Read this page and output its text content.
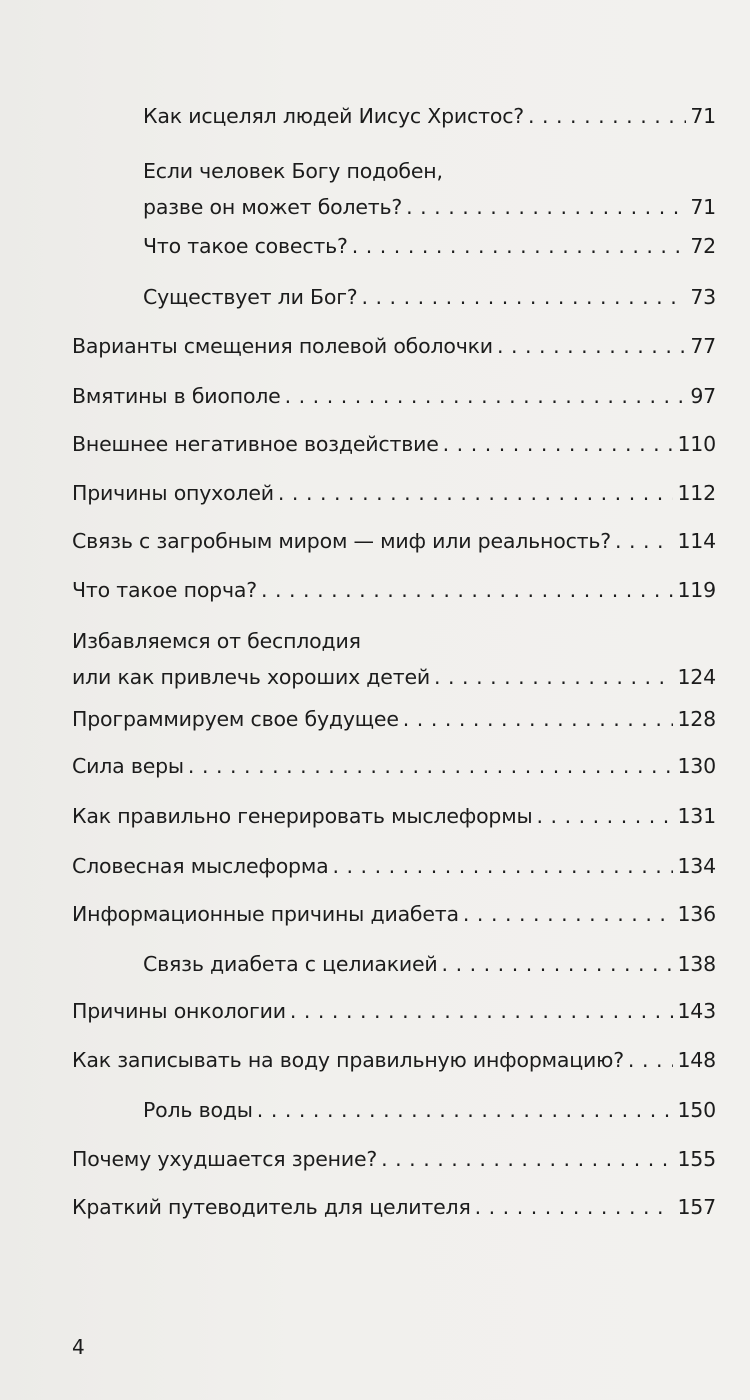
Как исцелял людей Иисус Христос? . . .	71
Если человек Богу подобен,
разве он может болеть? . . .	71
Что такое совесть? . . .	72
Существует ли Бог? . . .	73
Варианты смещения полевой оболочки . . .	77
Вмятины в биополе . . .	97
Внешнее негативное воздействие . . .	110
Причины опухолей . . .	112
Связь с загробным миром — миф или реальность? . . .	114
Что такое порча? . . .	119
Избавляемся от бесплодия
или как привлечь хороших детей . . .	124
Программируем свое будущее . . .	128
Сила веры . . .	130
Как правильно генерировать мыслеформы . . .	131
Словесная мыслеформа . . .	134
Информационные причины диабета . . .	136
Связь диабета с целиакией . . .	138
Причины онкологии . . .	143
Как записывать на воду правильную информацию? . . .	148
Роль воды . . .	150
Почему ухудшается зрение? . . .	155
Краткий путеводитель для целителя . . .	157
4
